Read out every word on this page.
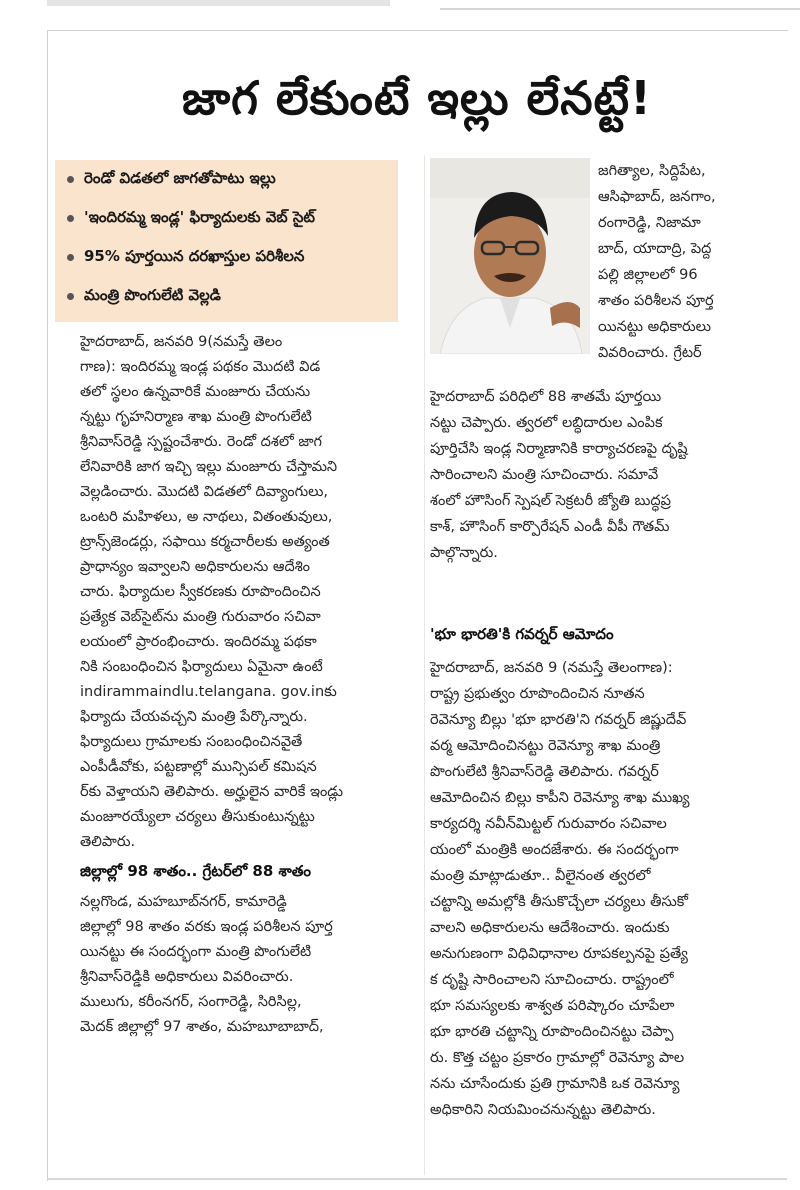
జాగ లేకుంటే ఇల్లు లేనట్టే!
రెండో విడతలో జాగతోపాటు ఇల్లు
'ఇందిరమ్మ ఇండ్ల' ఫిర్యాదులకు వెబ్ సైట్
95% పూర్తయిన దరఖాస్తుల పరిశీలన
మంత్రి పొంగులేటి వెల్లడి
హైదరాబాద్, జనవరి 9(నమస్తే తెలం
గాణ): ఇందిరమ్మ ఇండ్ల పథకం మొదటి విడ
తలో స్థలం ఉన్నవారికే మంజూరు చేయను
న్నట్టు గృహనిర్మాణ శాఖ మంత్రి పొంగులేటి
శ్రీనివాస్‌రెడ్డి స్పష్టంచేశారు. రెండో దశలో జాగ
లేనివారికి జాగ ఇచ్చి ఇల్లు మంజూరు చేస్తామని
వెల్లడించారు. మొదటి విడతలో దివ్యాంగులు,
ఒంటరి మహిళలు, అ నాథలు, వితంతువులు,
ట్రాన్స్‌జెండర్లు, సఫాయి కర్మచారీలకు అత్యంత
ప్రాధాన్యం ఇవ్వాలని అధికారులను ఆదేశిం
చారు. ఫిర్యాదుల స్వీకరణకు రూపొందించిన
ప్రత్యేక వెబ్‌సైట్‌ను మంత్రి గురువారం సచివా
లయంలో ప్రారంభించారు. ఇందిరమ్మ పథకా
నికి సంబంధించిన ఫిర్యాదులు ఏమైనా ఉంటే
indirammaindlu.telangana. gov.inకు
ఫిర్యాదు చేయవచ్చని మంత్రి పేర్కొన్నారు.
ఫిర్యాదులు గ్రామాలకు సంబంధించినవైతే
ఎంపీడీవోకు, పట్టణాల్లో మున్సిపల్ కమిషన
ర్‌కు వెళ్తాయని తెలిపారు. అర్హులైన వారికే ఇండ్లు
మంజూరయ్యేలా చర్యలు తీసుకుంటున్నట్టు
తెలిపారు.
జిల్లాల్లో 98 శాతం.. గ్రేటర్‌లో 88 శాతం
నల్లగొండ, మహబూబ్‌నగర్, కామారెడ్డి
జిల్లాల్లో 98 శాతం వరకు ఇండ్ల పరిశీలన పూర్త
యినట్టు ఈ సందర్భంగా మంత్రి పొంగులేటి
శ్రీనివాస్‌రెడ్డికి అధికారులు వివరించారు.
ములుగు, కరీంనగర్, సంగారెడ్డి, సిరిసిల్ల,
మెదక్ జిల్లాల్లో 97 శాతం, మహబూబాబాద్,
జగిత్యాల, సిద్దిపేట,
ఆసిఫాబాద్, జనగాం,
రంగారెడ్డి, నిజామా
బాద్, యాదాద్రి, పెద్ద
పల్లి జిల్లాలలో 96
శాతం పరిశీలన పూర్త
యినట్టు అధికారులు
వివరించారు. గ్రేటర్
హైదరాబాద్ పరిధిలో 88 శాతమే పూర్తయి
నట్టు చెప్పారు. త్వరలో లబ్ధిదారుల ఎంపిక
పూర్తిచేసి ఇండ్ల నిర్మాణానికి కార్యాచరణపై దృష్టి
సారించాలని మంత్రి సూచించారు. సమావే
శంలో హౌసింగ్ స్పెషల్ సెక్రటరీ జ్యోతి బుద్ధప్ర
కాశ్, హౌసింగ్ కార్పొరేషన్ ఎండీ వీపీ గౌతమ్
పాల్గొన్నారు.
'భూ భారతి'కి గవర్నర్ ఆమోదం
హైదరాబాద్, జనవరి 9 (నమస్తే తెలంగాణ):
రాష్ట్ర ప్రభుత్వం రూపొందించిన నూతన
రెవెన్యూ బిల్లు 'భూ భారతి'ని గవర్నర్ జిష్ణుదేవ్
వర్మ ఆమోదించినట్టు రెవెన్యూ శాఖ మంత్రి
పొంగులేటి శ్రీనివాస్‌రెడ్డి తెలిపారు. గవర్నర్
ఆమోదించిన బిల్లు కాపీని రెవెన్యూ శాఖ ముఖ్య
కార్యదర్శి నవీన్‌మిట్టల్ గురువారం సచివాల
యంలో మంత్రికి అందజేశారు. ఈ సందర్భంగా
మంత్రి మాట్లాడుతూ.. వీలైనంత త్వరలో
చట్టాన్ని అమల్లోకి తీసుకొచ్చేలా చర్యలు తీసుకో
వాలని అధికారులను ఆదేశించారు. ఇందుకు
అనుగుణంగా విధివిధానాల రూపకల్పనపై ప్రత్యే
క దృష్టి సారించాలని సూచించారు. రాష్ట్రంలో
భూ సమస్యలకు శాశ్వత పరిష్కారం చూపేలా
భూ భారతి చట్టాన్ని రూపొందించినట్టు చెప్పా
రు. కొత్త చట్టం ప్రకారం గ్రామాల్లో రెవెన్యూ పాల
నను చూసేందుకు ప్రతి గ్రామానికి ఒక రెవెన్యూ
అధికారిని నియమించనున్నట్టు తెలిపారు.
